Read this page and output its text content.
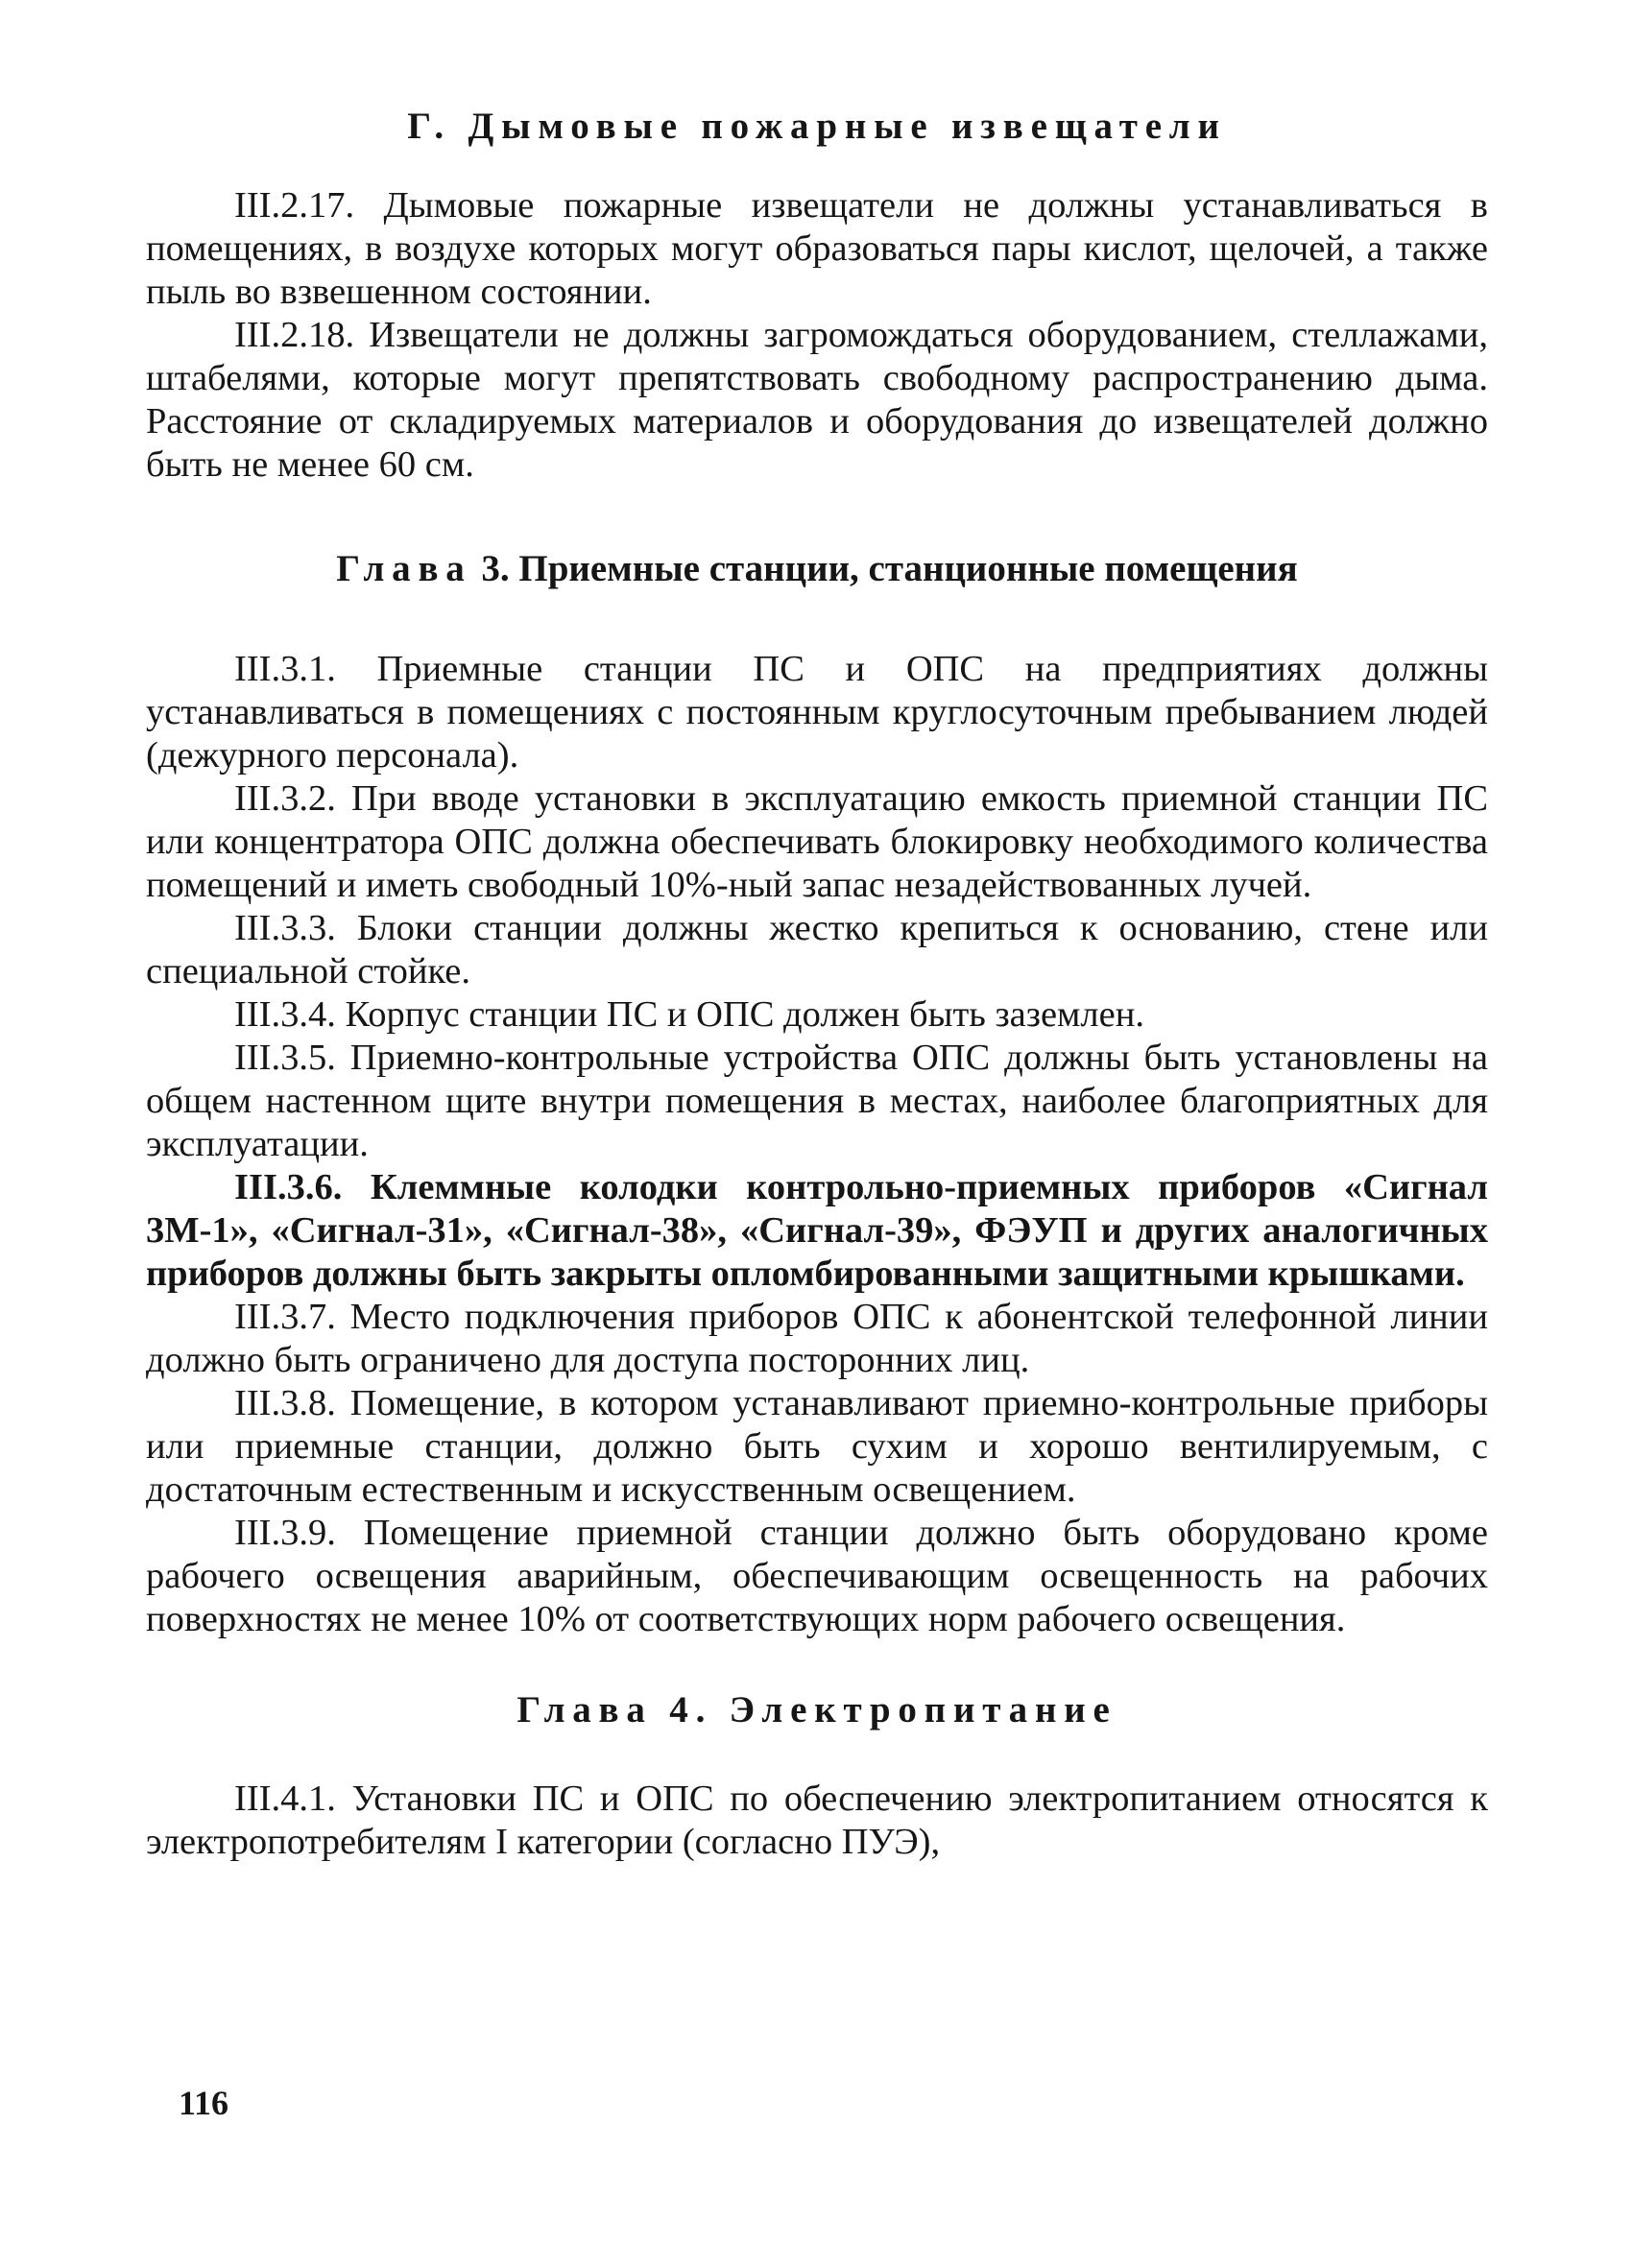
Г. Дымовые пожарные извещатели

III.2.17. Дымовые пожарные извещатели не должны устанавливаться в помещениях, в воздухе которых могут образоваться пары кислот, щелочей, а также пыль во взвешенном состоянии.

III.2.18. Извещатели не должны загромождаться оборудованием, стеллажами, штабелями, которые могут препятствовать свободному распространению дыма. Расстояние от складируемых материалов и оборудования до извещателей должно быть не менее 60 см.

Глава 3. Приемные станции, станционные помещения

III.3.1. Приемные станции ПС и ОПС на предприятиях должны устанавливаться в помещениях с постоянным круглосуточным пребыванием людей (дежурного персонала).

III.3.2. При вводе установки в эксплуатацию емкость приемной станции ПС или концентратора ОПС должна обеспечивать блокировку необходимого количества помещений и иметь свободный 10%-ный запас незадействованных лучей.

III.3.3. Блоки станции должны жестко крепиться к основанию, стене или специальной стойке.

III.3.4. Корпус станции ПС и ОПС должен быть заземлен.

III.3.5. Приемно-контрольные устройства ОПС должны быть установлены на общем настенном щите внутри помещения в местах, наиболее благоприятных для эксплуатации.

III.3.6. Клеммные колодки контрольно-приемных приборов «Сигнал 3М-1», «Сигнал-31», «Сигнал-38», «Сигнал-39», ФЭУП и других аналогичных приборов должны быть закрыты опломбированными защитными крышками.

III.3.7. Место подключения приборов ОПС к абонентской телефонной линии должно быть ограничено для доступа посторонних лиц.

III.3.8. Помещение, в котором устанавливают приемно-контрольные приборы или приемные станции, должно быть сухим и хорошо вентилируемым, с достаточным естественным и искусственным освещением.

III.3.9. Помещение приемной станции должно быть оборудовано кроме рабочего освещения аварийным, обеспечивающим освещенность на рабочих поверхностях не менее 10% от соответствующих норм рабочего освещения.

Глава 4. Электропитание

III.4.1. Установки ПС и ОПС по обеспечению электропитанием относятся к электропотребителям I категории (согласно ПУЭ),

116
